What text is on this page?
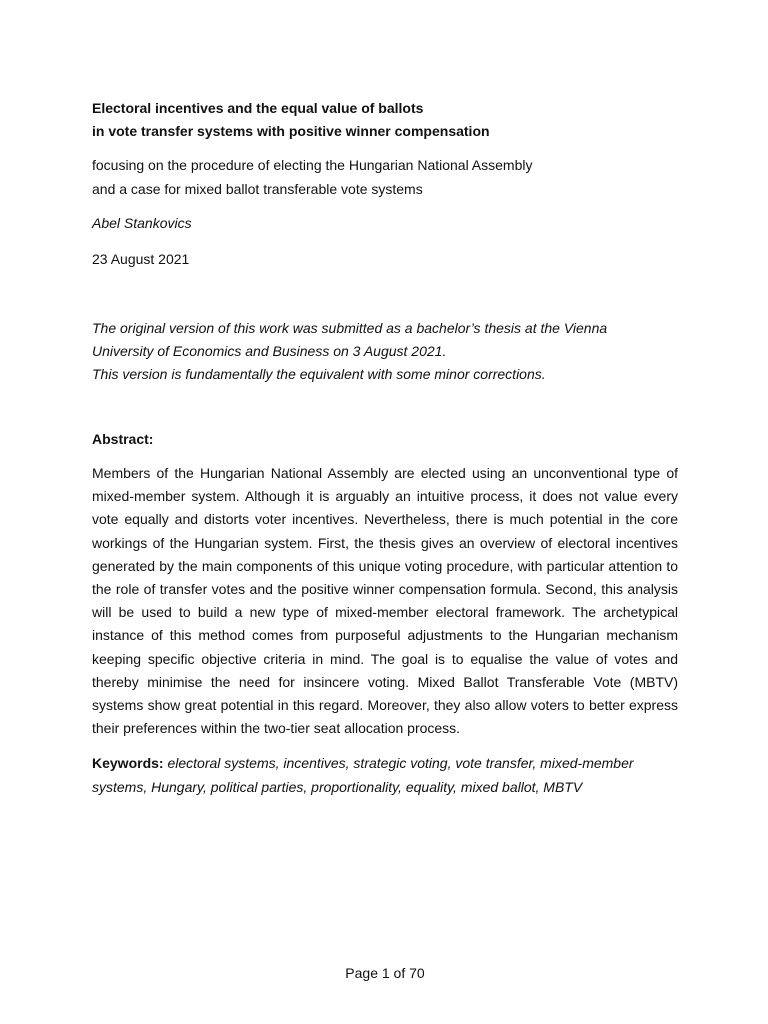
Electoral incentives and the equal value of ballots
in vote transfer systems with positive winner compensation
focusing on the procedure of electing the Hungarian National Assembly
and a case for mixed ballot transferable vote systems
Abel Stankovics
23 August 2021
The original version of this work was submitted as a bachelor’s thesis at the Vienna
University of Economics and Business on 3 August 2021.
This version is fundamentally the equivalent with some minor corrections.
Abstract:
Members of the Hungarian National Assembly are elected using an unconventional type of
mixed-member system. Although it is arguably an intuitive process, it does not value every
vote equally and distorts voter incentives. Nevertheless, there is much potential in the core
workings of the Hungarian system. First, the thesis gives an overview of electoral incentives
generated by the main components of this unique voting procedure, with particular attention to
the role of transfer votes and the positive winner compensation formula. Second, this analysis
will be used to build a new type of mixed-member electoral framework. The archetypical
instance of this method comes from purposeful adjustments to the Hungarian mechanism
keeping specific objective criteria in mind. The goal is to equalise the value of votes and
thereby minimise the need for insincere voting. Mixed Ballot Transferable Vote (MBTV)
systems show great potential in this regard. Moreover, they also allow voters to better express
their preferences within the two-tier seat allocation process.
Keywords: electoral systems, incentives, strategic voting, vote transfer, mixed-member
systems, Hungary, political parties, proportionality, equality, mixed ballot, MBTV
Page 1 of 70
